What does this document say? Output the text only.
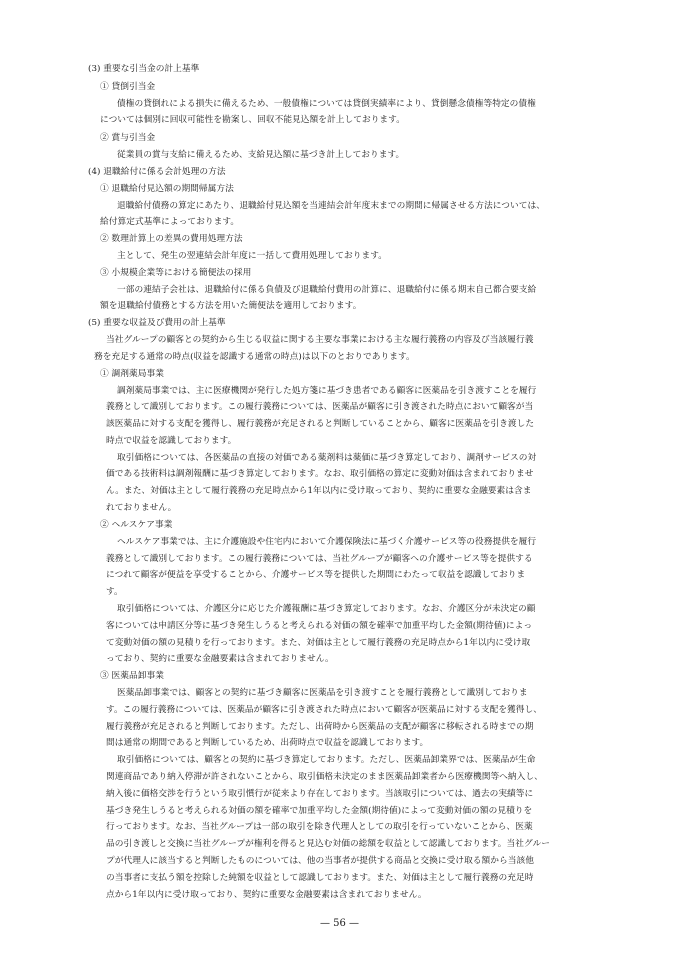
(3) 重要な引当金の計上基準
① 貸倒引当金
債権の貸倒れによる損失に備えるため、一般債権については貸倒実績率により、貸倒懸念債権等特定の債権
については個別に回収可能性を勘案し、回収不能見込額を計上しております。
② 賞与引当金
従業員の賞与支給に備えるため、支給見込額に基づき計上しております。
(4) 退職給付に係る会計処理の方法
① 退職給付見込額の期間帰属方法
退職給付債務の算定にあたり、退職給付見込額を当連結会計年度末までの期間に帰属させる方法については、
給付算定式基準によっております。
② 数理計算上の差異の費用処理方法
主として、発生の翌連結会計年度に一括して費用処理しております。
③ 小規模企業等における簡便法の採用
一部の連結子会社は、退職給付に係る負債及び退職給付費用の計算に、退職給付に係る期末自己都合要支給
額を退職給付債務とする方法を用いた簡便法を適用しております。
(5) 重要な収益及び費用の計上基準
当社グループの顧客との契約から生じる収益に関する主要な事業における主な履行義務の内容及び当該履行義
務を充足する通常の時点(収益を認識する通常の時点)は以下のとおりであります。
① 調剤薬局事業
調剤薬局事業では、主に医療機関が発行した処方箋に基づき患者である顧客に医薬品を引き渡すことを履行
義務として識別しております。この履行義務については、医薬品が顧客に引き渡された時点において顧客が当
該医薬品に対する支配を獲得し、履行義務が充足されると判断していることから、顧客に医薬品を引き渡した
時点で収益を認識しております。
取引価格については、各医薬品の直接の対価である薬剤料は薬価に基づき算定しており、調剤サービスの対
価である技術料は調剤報酬に基づき算定しております。なお、取引価格の算定に変動対価は含まれておりませ
ん。また、対価は主として履行義務の充足時点から1年以内に受け取っており、契約に重要な金融要素は含ま
れておりません。
② ヘルスケア事業
ヘルスケア事業では、主に介護施設や住宅内において介護保険法に基づく介護サービス等の役務提供を履行
義務として識別しております。この履行義務については、当社グループが顧客への介護サービス等を提供する
につれて顧客が便益を享受することから、介護サービス等を提供した期間にわたって収益を認識しておりま
す。
取引価格については、介護区分に応じた介護報酬に基づき算定しております。なお、介護区分が未決定の顧
客については申請区分等に基づき発生しうると考えられる対価の額を確率で加重平均した金額(期待値)によっ
て変動対価の額の見積りを行っております。また、対価は主として履行義務の充足時点から1年以内に受け取
っており、契約に重要な金融要素は含まれておりません。
③ 医薬品卸事業
医薬品卸事業では、顧客との契約に基づき顧客に医薬品を引き渡すことを履行義務として識別しておりま
す。この履行義務については、医薬品が顧客に引き渡された時点において顧客が医薬品に対する支配を獲得し、
履行義務が充足されると判断しております。ただし、出荷時から医薬品の支配が顧客に移転される時までの期
間は通常の期間であると判断しているため、出荷時点で収益を認識しております。
取引価格については、顧客との契約に基づき算定しております。ただし、医薬品卸業界では、医薬品が生命
関連商品であり納入停滞が許されないことから、取引価格未決定のまま医薬品卸業者から医療機関等へ納入し、
納入後に価格交渉を行うという取引慣行が従来より存在しております。当該取引については、過去の実績等に
基づき発生しうると考えられる対価の額を確率で加重平均した金額(期待値)によって変動対価の額の見積りを
行っております。なお、当社グループは一部の取引を除き代理人としての取引を行っていないことから、医薬
品の引き渡しと交換に当社グループが権利を得ると見込む対価の総額を収益として認識しております。当社グルー
プが代理人に該当すると判断したものについては、他の当事者が提供する商品と交換に受け取る額から当該他
の当事者に支払う額を控除した純額を収益として認識しております。また、対価は主として履行義務の充足時
点から1年以内に受け取っており、契約に重要な金融要素は含まれておりません。
— 56 —
